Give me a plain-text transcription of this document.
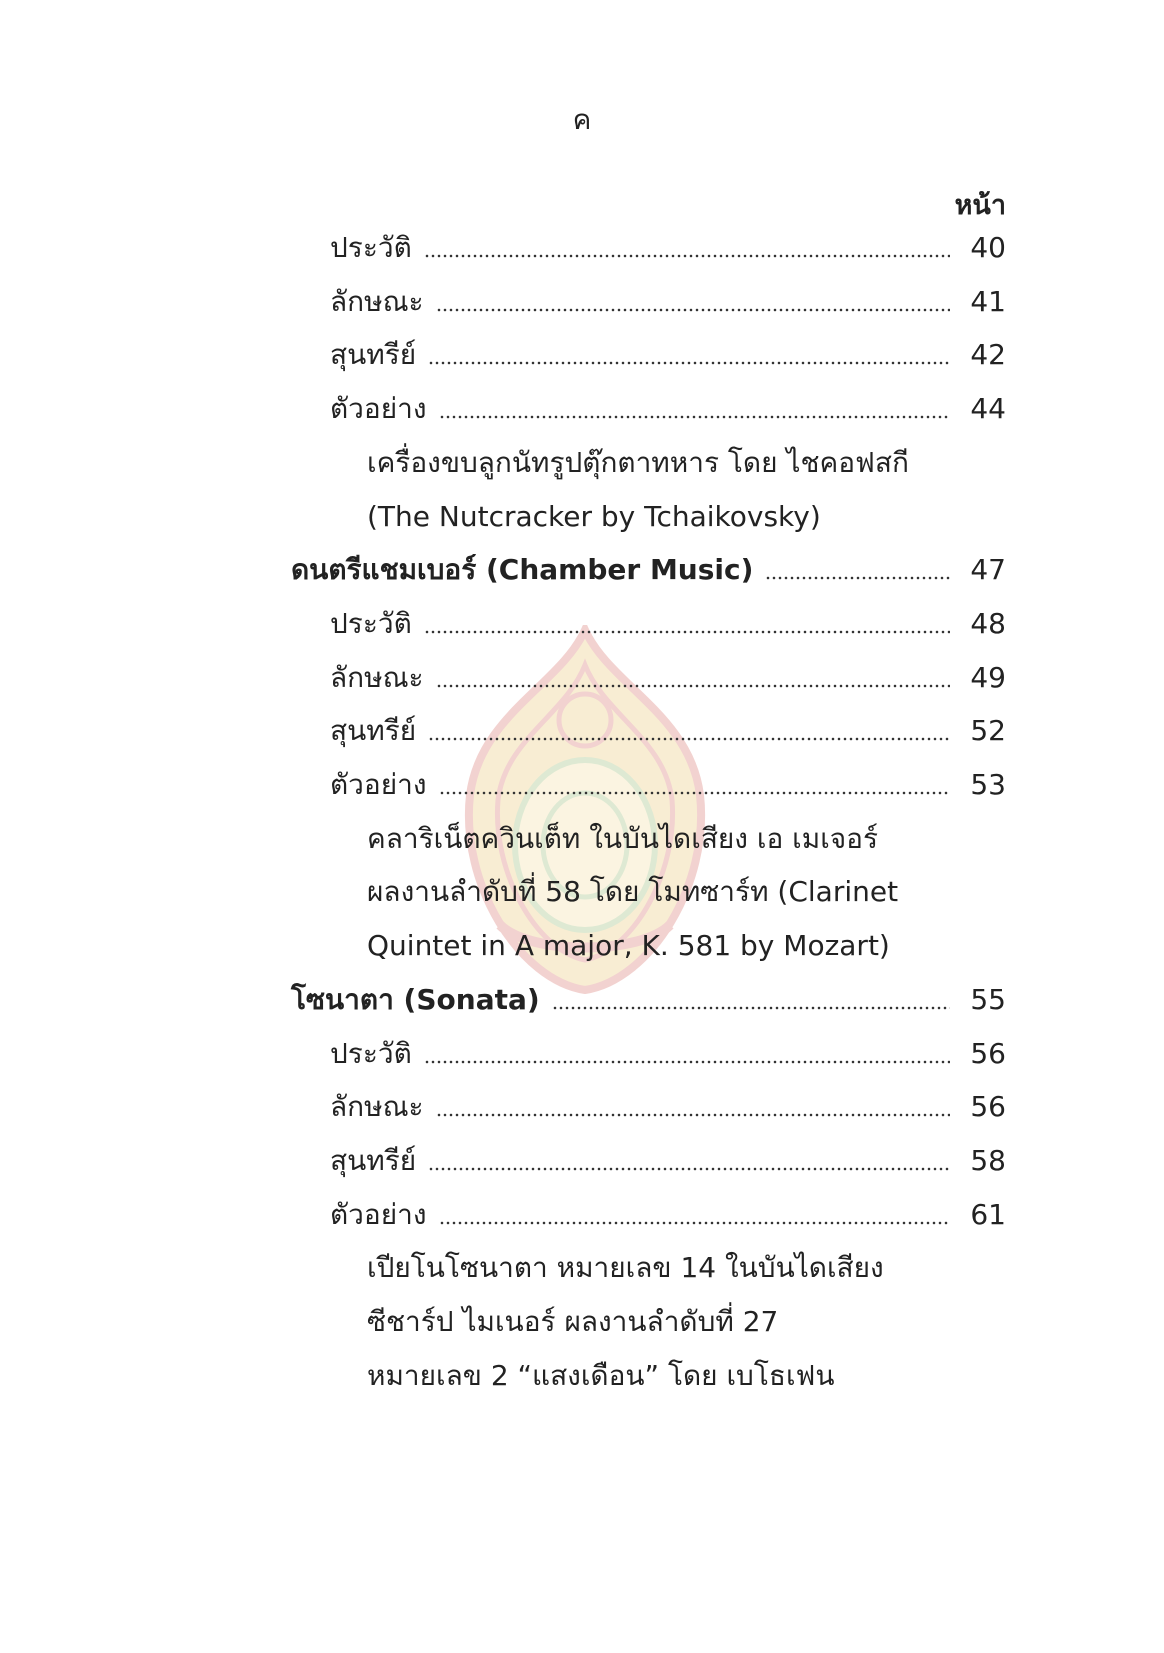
ค
หน้า
ประวัติ	40
ลักษณะ	41
สุนทรีย์	42
ตัวอย่าง	44
เครื่องขบลูกนัทรูปตุ๊กตาทหาร โดย ไชคอฟสกี
(The Nutcracker by Tchaikovsky)
ดนตรีแชมเบอร์ (Chamber Music)	47
ประวัติ	48
ลักษณะ	49
สุนทรีย์	52
ตัวอย่าง	53
คลาริเน็ตควินเต็ท ในบันไดเสียง เอ เมเจอร์
ผลงานลำดับที่ 58 โดย โมทซาร์ท (Clarinet
Quintet in A major, K. 581 by Mozart)
โซนาตา (Sonata)	55
ประวัติ	56
ลักษณะ	56
สุนทรีย์	58
ตัวอย่าง	61
เปียโนโซนาตา หมายเลข 14 ในบันไดเสียง
ซีชาร์ป ไมเนอร์ ผลงานลำดับที่ 27
หมายเลข 2 “แสงเดือน” โดย เบโธเฟน
